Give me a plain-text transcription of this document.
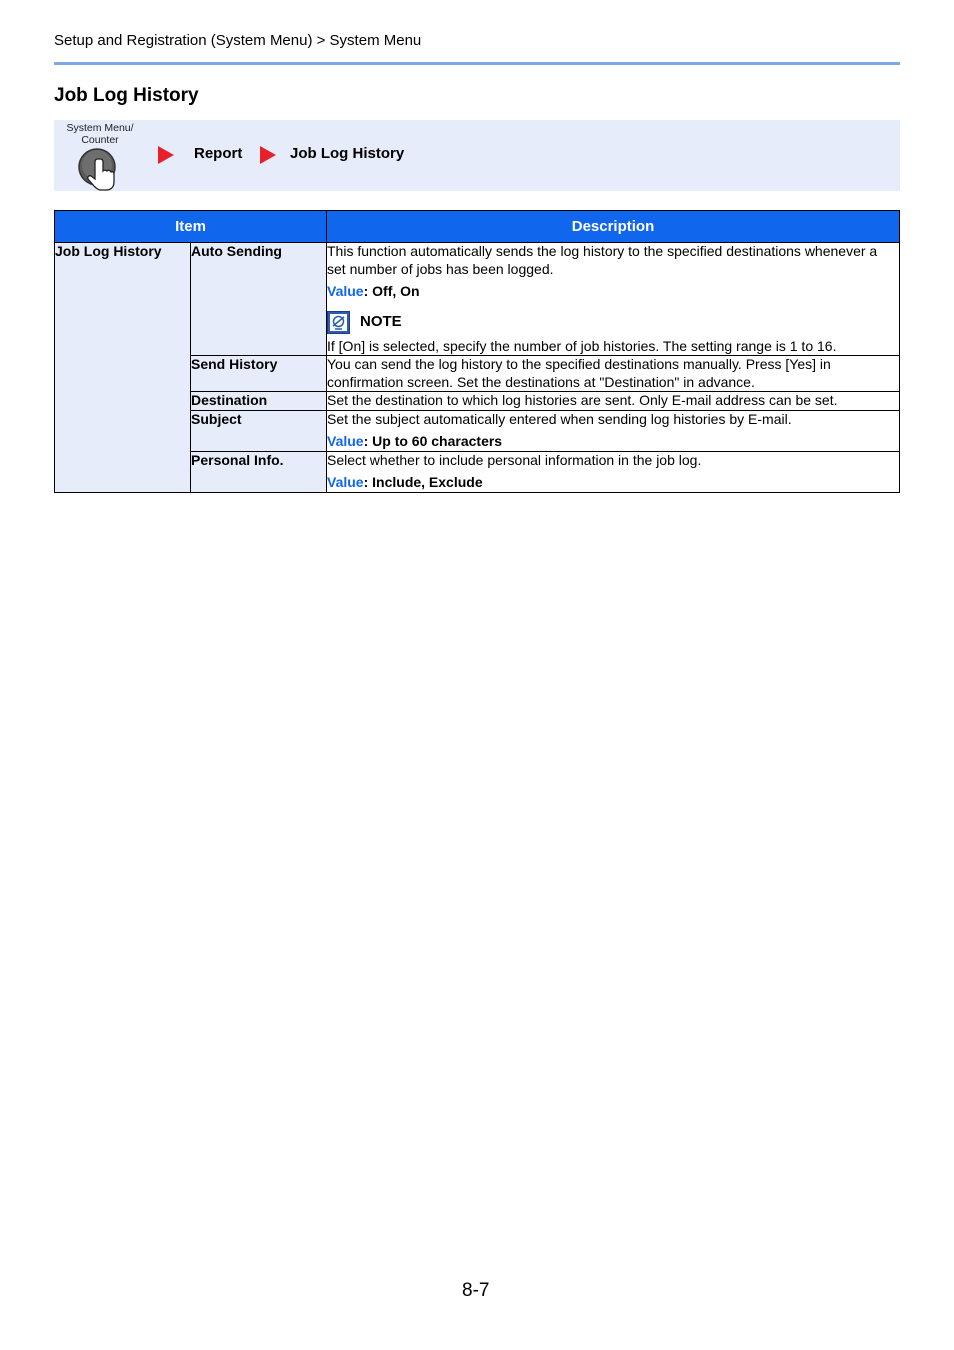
Setup and Registration (System Menu) > System Menu
Job Log History
System Menu/
Counter
Report	Job Log History
Item		Description
Job Log History	Auto Sending	This function automatically sends the log history to the specified destinations whenever a set number of jobs has been logged.

Value: Off, On

NOTE

If [On] is selected, specify the number of job histories. The setting range is 1 to 16.

	Send History	You can send the log history to the specified destinations manually. Press [Yes] in confirmation screen. Set the destinations at "Destination" in advance.

	Destination	Set the destination to which log histories are sent. Only E-mail address can be set.

	Subject	Set the subject automatically entered when sending log histories by E-mail.

Value: Up to 60 characters

	Personal Info.	Select whether to include personal information in the job log.

Value: Include, Exclude

8-7
